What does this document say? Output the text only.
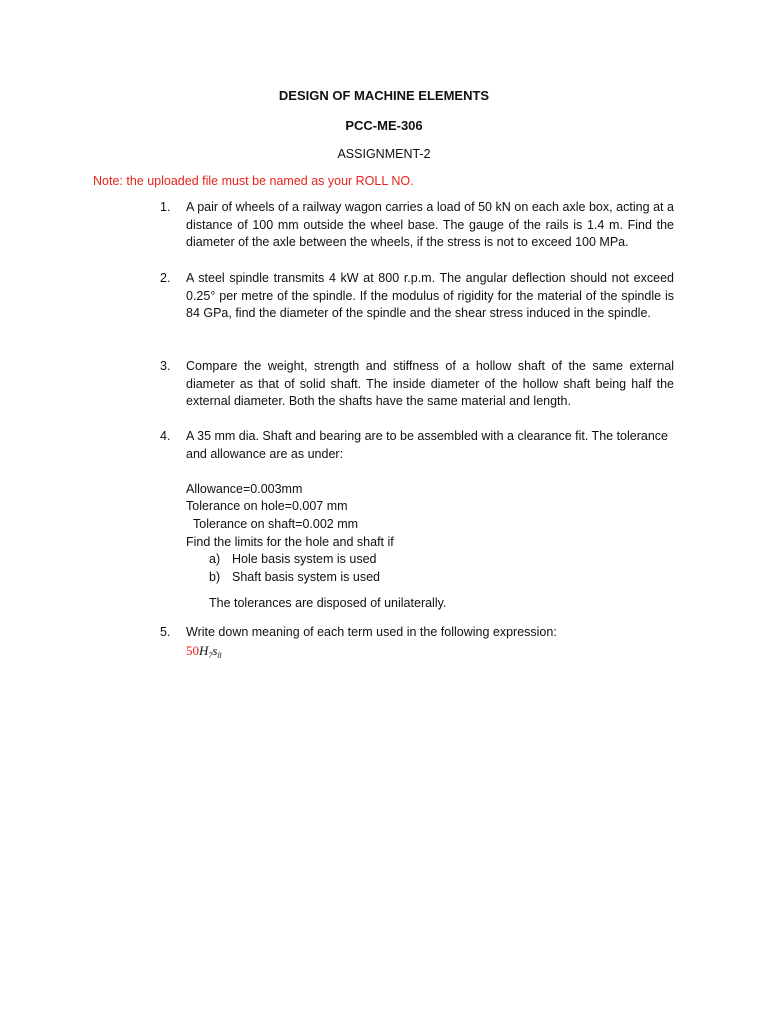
DESIGN OF MACHINE ELEMENTS
PCC-ME-306
ASSIGNMENT-2
Note: the uploaded file must be named as your ROLL NO.
1.	A pair of wheels of a railway wagon carries a load of 50 kN on each axle box, acting at a distance of 100 mm outside the wheel base. The gauge of the rails is 1.4 m. Find the diameter of the axle between the wheels, if the stress is not to exceed 100 MPa.
2.	A steel spindle transmits 4 kW at 800 r.p.m. The angular deflection should not exceed 0.25° per metre of the spindle. If the modulus of rigidity for the material of the spindle is 84 GPa, find the diameter of the spindle and the shear stress induced in the spindle.
3.	Compare the weight, strength and stiffness of a hollow shaft of the same external diameter as that of solid shaft. The inside diameter of the hollow shaft being half the external diameter. Both the shafts have the same material and length.
4.	A 35 mm dia. Shaft and bearing are to be assembled with a clearance fit. The tolerance and allowance are as under:
Allowance=0.003mm
Tolerance on hole=0.007 mm
Tolerance on shaft=0.002 mm
Find the limits for the hole and shaft if
a) Hole basis system is used
b) Shaft basis system is used
The tolerances are disposed of unilaterally.
5.	Write down meaning of each term used in the following expression:
$50H_7s_8$
